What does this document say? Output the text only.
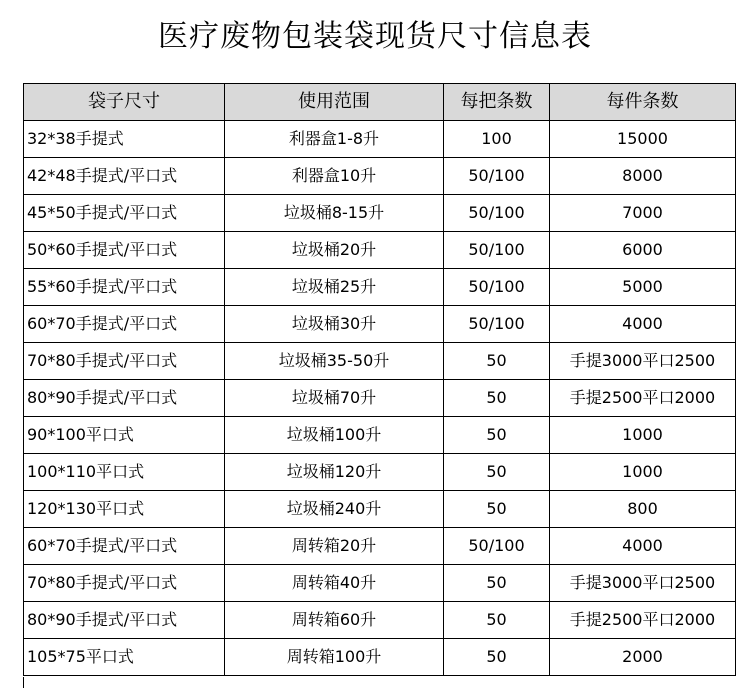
医疗废物包装袋现货尺寸信息表
袋子尺寸	使用范围	每把条数	每件条数
32*38手提式	利器盒1-8升	100	15000
42*48手提式/平口式	利器盒10升	50/100	8000
45*50手提式/平口式	垃圾桶8-15升	50/100	7000
50*60手提式/平口式	垃圾桶20升	50/100	6000
55*60手提式/平口式	垃圾桶25升	50/100	5000
60*70手提式/平口式	垃圾桶30升	50/100	4000
70*80手提式/平口式	垃圾桶35-50升	50	手提3000平口2500
80*90手提式/平口式	垃圾桶70升	50	手提2500平口2000
90*100平口式	垃圾桶100升	50	1000
100*110平口式	垃圾桶120升	50	1000
120*130平口式	垃圾桶240升	50	800
60*70手提式/平口式	周转箱20升	50/100	4000
70*80手提式/平口式	周转箱40升	50	手提3000平口2500
80*90手提式/平口式	周转箱60升	50	手提2500平口2000
105*75平口式	周转箱100升	50	2000
